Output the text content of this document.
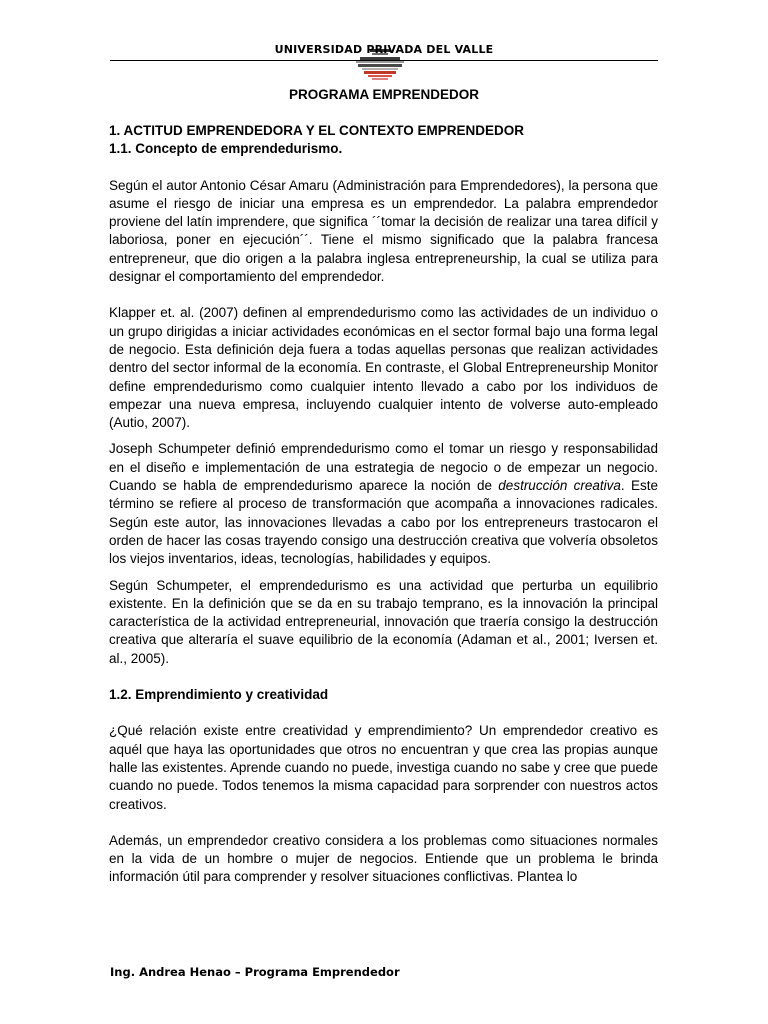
UNIVERSIDAD PRIVADA DEL VALLE
PROGRAMA EMPRENDEDOR
1. ACTITUD EMPRENDEDORA Y EL CONTEXTO EMPRENDEDOR
1.1. Concepto de emprendedurismo.

Según el autor Antonio César Amaru (Administración para Emprendedores), la persona que asume el riesgo de iniciar una empresa es un emprendedor. La palabra emprendedor proviene del latín imprendere, que significa ´´tomar la decisión de realizar una tarea difícil y laboriosa, poner en ejecución´´. Tiene el mismo significado que la palabra francesa entrepreneur, que dio origen a la palabra inglesa entrepreneurship, la cual se utiliza para designar el comportamiento del emprendedor.

Klapper et. al. (2007) definen al emprendedurismo como las actividades de un individuo o un grupo dirigidas a iniciar actividades económicas en el sector formal bajo una forma legal de negocio. Esta definición deja fuera a todas aquellas personas que realizan actividades dentro del sector informal de la economía. En contraste, el Global Entrepreneurship Monitor define emprendedurismo como cualquier intento llevado a cabo por los individuos de empezar una nueva empresa, incluyendo cualquier intento de volverse auto-empleado (Autio, 2007).

Joseph Schumpeter definió emprendedurismo como el tomar un riesgo y responsabilidad en el diseño e implementación de una estrategia de negocio o de empezar un negocio. Cuando se habla de emprendedurismo aparece la noción de destrucción creativa. Este término se refiere al proceso de transformación que acompaña a innovaciones radicales. Según este autor, las innovaciones llevadas a cabo por los entrepreneurs trastocaron el orden de hacer las cosas trayendo consigo una destrucción creativa que volvería obsoletos los viejos inventarios, ideas, tecnologías, habilidades y equipos.

Según Schumpeter, el emprendedurismo es una actividad que perturba un equilibrio existente. En la definición que se da en su trabajo temprano, es la innovación la principal característica de la actividad entrepreneurial, innovación que traería consigo la destrucción creativa que alteraría el suave equilibrio de la economía (Adaman et al., 2001; Iversen et. al., 2005).

1.2. Emprendimiento y creatividad

¿Qué relación existe entre creatividad y emprendimiento? Un emprendedor creativo es aquél que haya las oportunidades que otros no encuentran y que crea las propias aunque halle las existentes. Aprende cuando no puede, investiga cuando no sabe y cree que puede cuando no puede. Todos tenemos la misma capacidad para sorprender con nuestros actos creativos.

Además, un emprendedor creativo considera a los problemas como situaciones normales en la vida de un hombre o mujer de negocios. Entiende que un problema le brinda información útil para comprender y resolver situaciones conflictivas. Plantea lo

Ing. Andrea Henao – Programa Emprendedor
